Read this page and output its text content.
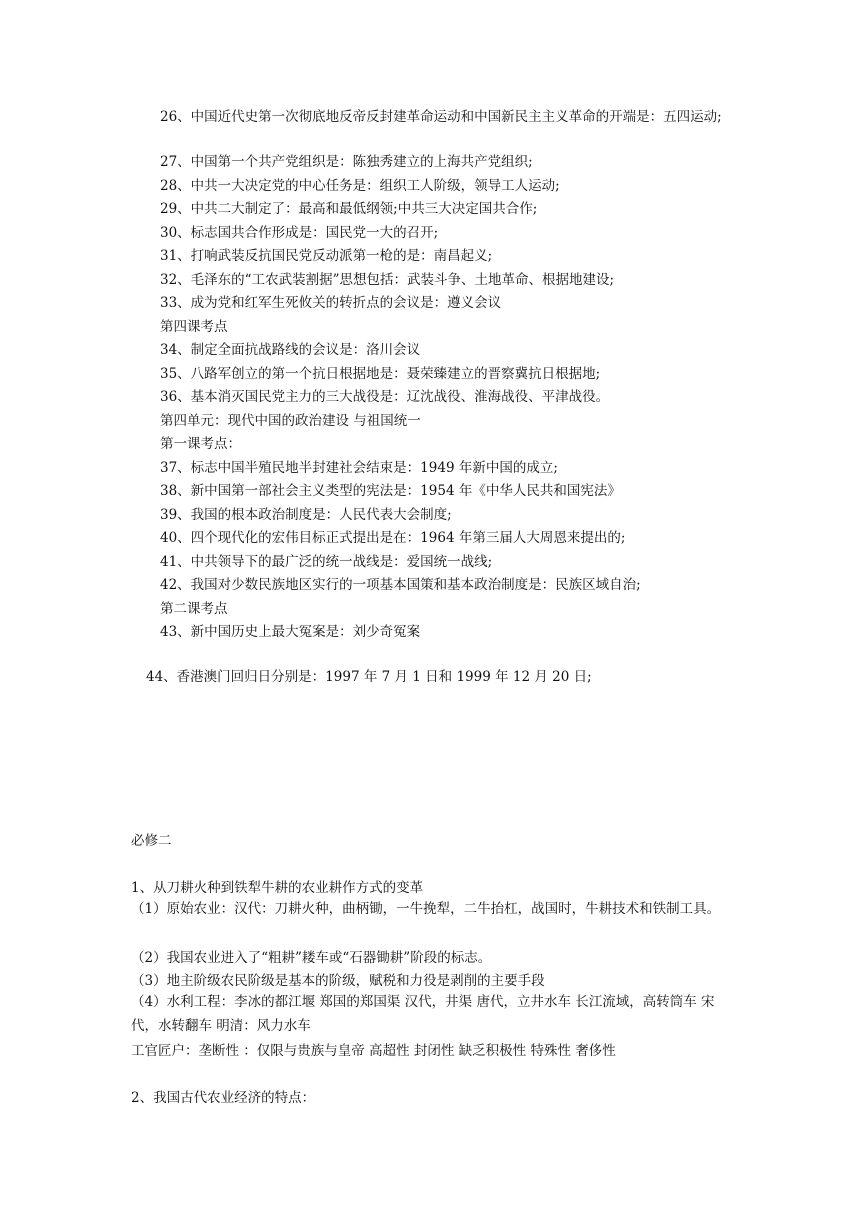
26、中国近代史第一次彻底地反帝反封建革命运动和中国新民主主义革命的开端是：五四运动;
27、中国第一个共产党组织是：陈独秀建立的上海共产党组织;
28、中共一大决定党的中心任务是：组织工人阶级，领导工人运动;
29、中共二大制定了：最高和最低纲领;中共三大决定国共合作;
30、标志国共合作形成是：国民党一大的召开;
31、打响武装反抗国民党反动派第一枪的是：南昌起义;
32、毛泽东的“工农武装割据”思想包括：武装斗争、土地革命、根据地建设;
33、成为党和红军生死攸关的转折点的会议是：遵义会议
第四课考点
34、制定全面抗战路线的会议是：洛川会议
35、八路军创立的第一个抗日根据地是：聂荣臻建立的晋察冀抗日根据地;
36、基本消灭国民党主力的三大战役是：辽沈战役、淮海战役、平津战役。
第四单元：现代中国的政治建设 与祖国统一
第一课考点：
37、标志中国半殖民地半封建社会结束是：1949 年新中国的成立;
38、新中国第一部社会主义类型的宪法是：1954 年《中华人民共和国宪法》
39、我国的根本政治制度是：人民代表大会制度;
40、四个现代化的宏伟目标正式提出是在：1964 年第三届人大周恩来提出的;
41、中共领导下的最广泛的统一战线是：爱国统一战线;
42、我国对少数民族地区实行的一项基本国策和基本政治制度是：民族区域自治;
第二课考点
43、新中国历史上最大冤案是：刘少奇冤案
44、香港澳门回归日分别是：1997 年 7 月 1 日和 1999 年 12 月 20 日;
必修二
1、从刀耕火种到铁犁牛耕的农业耕作方式的变革
（1）原始农业：汉代：刀耕火种，曲柄锄，一牛挽犁，二牛抬杠，战国时，牛耕技术和铁制工具。
（2）我国农业进入了“粗耕”耧车或“石器锄耕”阶段的标志。
（3）地主阶级农民阶级是基本的阶级，赋税和力役是剥削的主要手段
（4）水利工程：李冰的都江堰 郑国的郑国渠 汉代，井渠 唐代，立井水车 长江流域，高转筒车 宋代，水转翻车 明清：风力水车
工官匠户：垄断性 ：仅限与贵族与皇帝 高超性 封闭性 缺乏积极性 特殊性 奢侈性
2、我国古代农业经济的特点：
